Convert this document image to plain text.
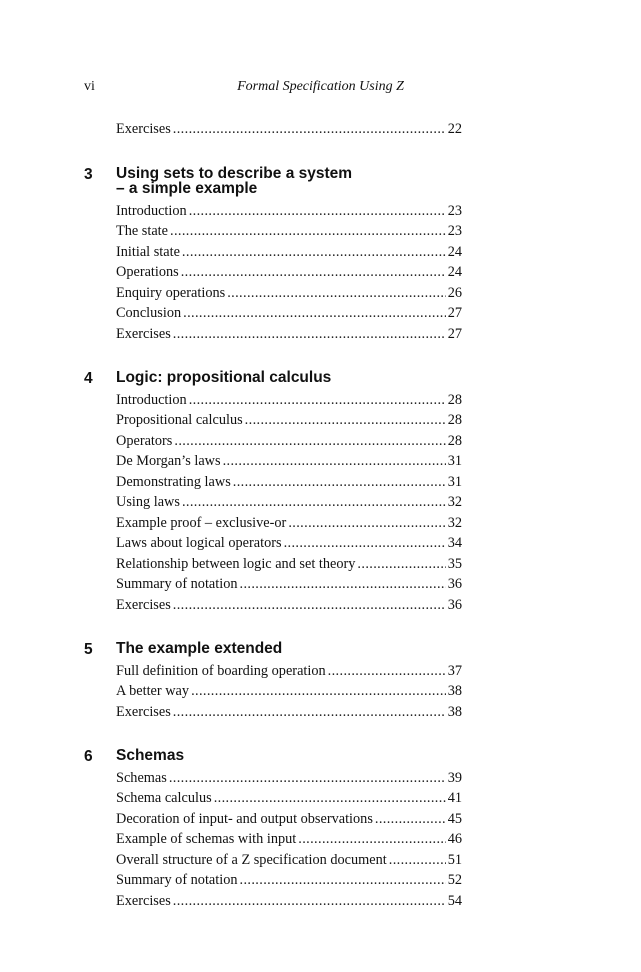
vi	Formal Specification Using Z
Exercises . . .	22
3 Using sets to describe a system
– a simple example
Introduction . . .	23
The state . . .	23
Initial state . . .	24
Operations . . .	24
Enquiry operations . . .	26
Conclusion . . .	27
Exercises . . .	27
4 Logic: propositional calculus
Introduction . . .	28
Propositional calculus . . .	28
Operators . . .	28
De Morgan’s laws . . .	31
Demonstrating laws . . .	31
Using laws . . .	32
Example proof – exclusive-or . . .	32
Laws about logical operators . . .	34
Relationship between logic and set theory . . .	35
Summary of notation . . .	36
Exercises . . .	36
5 The example extended
Full definition of boarding operation . . .	37
A better way . . .	38
Exercises . . .	38
6 Schemas
Schemas . . .	39
Schema calculus . . .	41
Decoration of input- and output observations . . .	45
Example of schemas with input . . .	46
Overall structure of a Z specification document . . .	51
Summary of notation . . .	52
Exercises . . .	54
